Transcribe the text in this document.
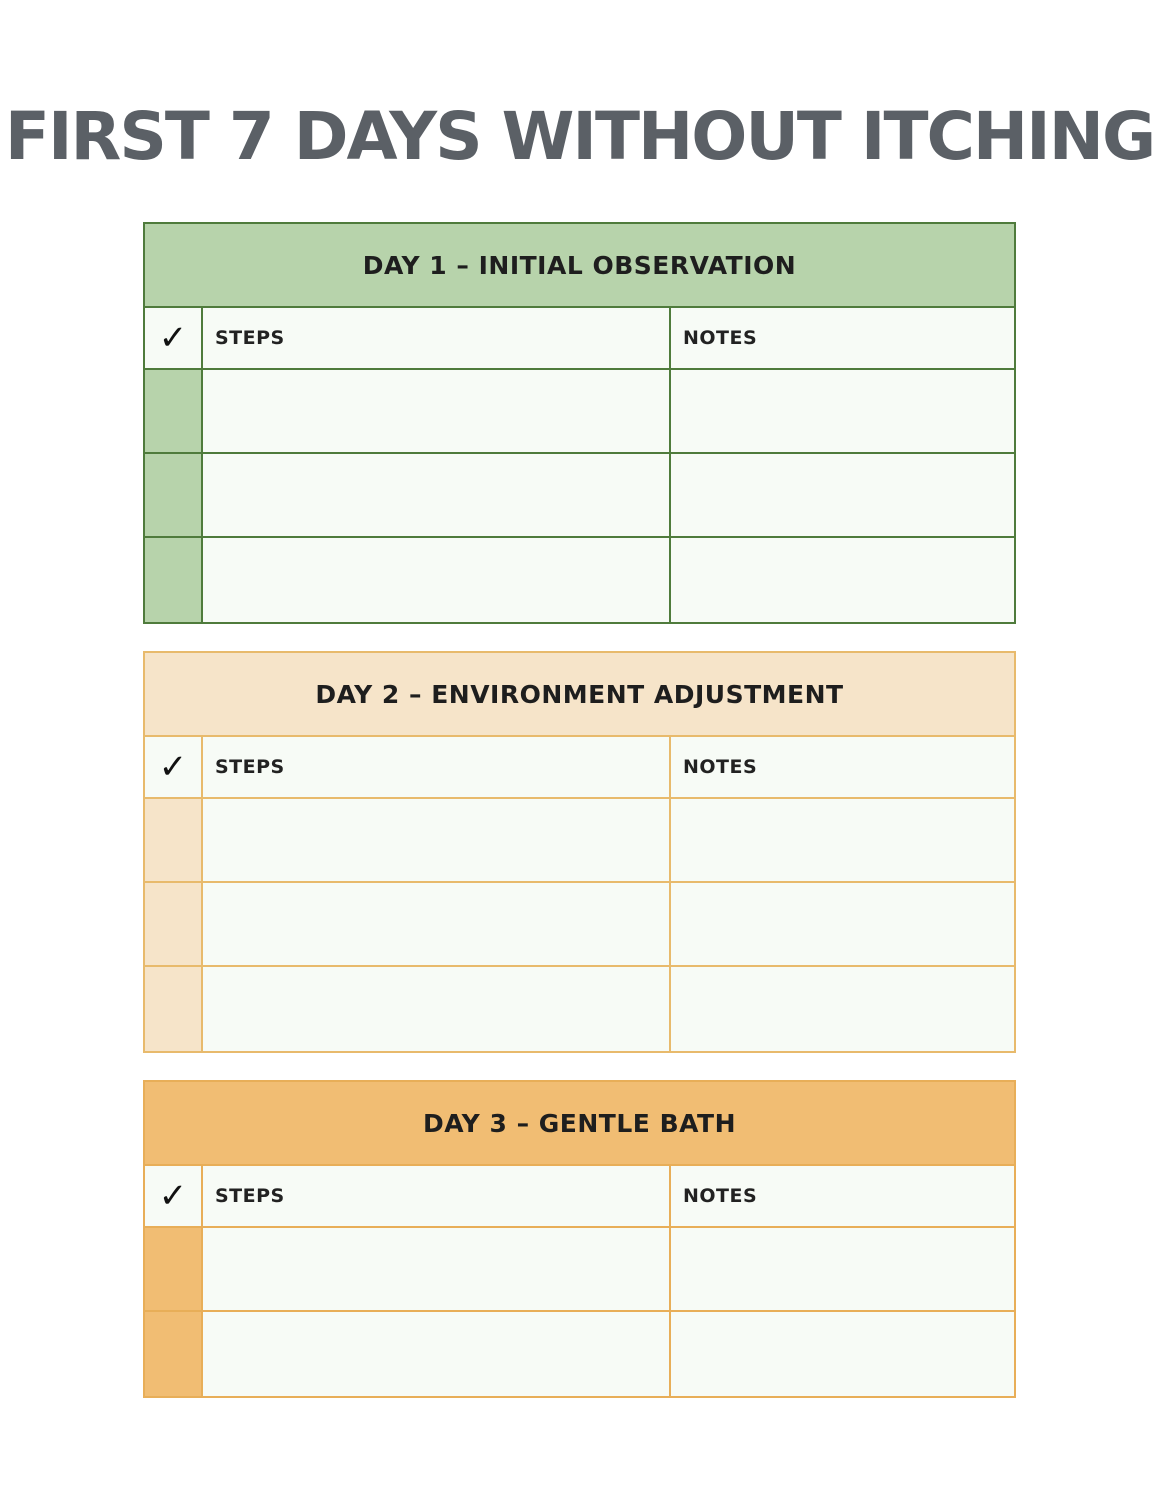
FIRST 7 DAYS WITHOUT ITCHING
DAY 1 – INITIAL OBSERVATION
✓ STEPS	NOTES
DAY 2 – ENVIRONMENT ADJUSTMENT
✓ STEPS	NOTES
DAY 3 – GENTLE BATH
✓ STEPS	NOTES
